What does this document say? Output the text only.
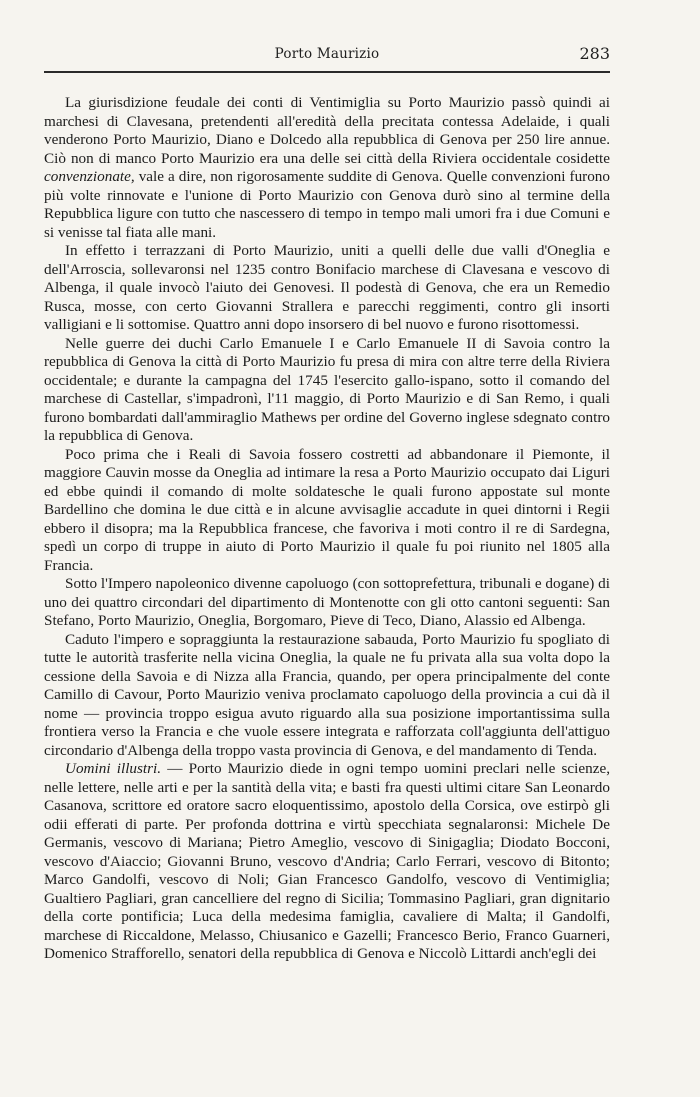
Porto Maurizio	283

La giurisdizione feudale dei conti di Ventimiglia su Porto Maurizio passò quindi ai marchesi di Clavesana, pretendenti all'eredità della precitata contessa Adelaide, i quali venderono Porto Maurizio, Diano e Dolcedo alla repubblica di Genova per 250 lire annue. Ciò non di manco Porto Maurizio era una delle sei città della Riviera occidentale cosidette convenzionate, vale a dire, non rigorosamente suddite di Genova. Quelle convenzioni furono più volte rinnovate e l'unione di Porto Maurizio con Genova durò sino al termine della Repubblica ligure con tutto che nascessero di tempo in tempo mali umori fra i due Comuni e si venisse tal fiata alle mani.

In effetto i terrazzani di Porto Maurizio, uniti a quelli delle due valli d'Oneglia e dell'Arroscia, sollevaronsi nel 1235 contro Bonifacio marchese di Clavesana e vescovo di Albenga, il quale invocò l'aiuto dei Genovesi. Il podestà di Genova, che era un Remedio Rusca, mosse, con certo Giovanni Strallera e parecchi reggimenti, contro gli insorti valligiani e li sottomise. Quattro anni dopo insorsero di bel nuovo e furono risottomessi.

Nelle guerre dei duchi Carlo Emanuele I e Carlo Emanuele II di Savoia contro la repubblica di Genova la città di Porto Maurizio fu presa di mira con altre terre della Riviera occidentale; e durante la campagna del 1745 l'esercito gallo-ispano, sotto il comando del marchese di Castellar, s'impadronì, l'11 maggio, di Porto Maurizio e di San Remo, i quali furono bombardati dall'ammiraglio Mathews per ordine del Governo inglese sdegnato contro la repubblica di Genova.

Poco prima che i Reali di Savoia fossero costretti ad abbandonare il Piemonte, il maggiore Cauvin mosse da Oneglia ad intimare la resa a Porto Maurizio occupato dai Liguri ed ebbe quindi il comando di molte soldatesche le quali furono appostate sul monte Bardellino che domina le due città e in alcune avvisaglie accadute in quei dintorni i Regii ebbero il disopra; ma la Repubblica francese, che favoriva i moti contro il re di Sardegna, spedì un corpo di truppe in aiuto di Porto Maurizio il quale fu poi riunito nel 1805 alla Francia.

Sotto l'Impero napoleonico divenne capoluogo (con sottoprefettura, tribunali e dogane) di uno dei quattro circondari del dipartimento di Montenotte con gli otto cantoni seguenti: San Stefano, Porto Maurizio, Oneglia, Borgomaro, Pieve di Teco, Diano, Alassio ed Albenga.

Caduto l'impero e sopraggiunta la restaurazione sabauda, Porto Maurizio fu spogliato di tutte le autorità trasferite nella vicina Oneglia, la quale ne fu privata alla sua volta dopo la cessione della Savoia e di Nizza alla Francia, quando, per opera principalmente del conte Camillo di Cavour, Porto Maurizio veniva proclamato capoluogo della provincia a cui dà il nome — provincia troppo esigua avuto riguardo alla sua posizione importantissima sulla frontiera verso la Francia e che vuole essere integrata e rafforzata coll'aggiunta dell'attiguo circondario d'Albenga della troppo vasta provincia di Genova, e del mandamento di Tenda.

Uomini illustri. — Porto Maurizio diede in ogni tempo uomini preclari nelle scienze, nelle lettere, nelle arti e per la santità della vita; e basti fra questi ultimi citare San Leonardo Casanova, scrittore ed oratore sacro eloquentissimo, apostolo della Corsica, ove estirpò gli odii efferati di parte. Per profonda dottrina e virtù specchiata segnalaronsi: Michele De Germanis, vescovo di Mariana; Pietro Ameglio, vescovo di Sinigaglia; Diodato Bocconi, vescovo d'Aiaccio; Giovanni Bruno, vescovo d'Andria; Carlo Ferrari, vescovo di Bitonto; Marco Gandolfi, vescovo di Noli; Gian Francesco Gandolfo, vescovo di Ventimiglia; Gualtiero Pagliari, gran cancelliere del regno di Sicilia; Tommasino Pagliari, gran dignitario della corte pontificia; Luca della medesima famiglia, cavaliere di Malta; il Gandolfi, marchese di Riccaldone, Melasso, Chiusanico e Gazelli; Francesco Berio, Franco Guarneri, Domenico Strafforello, senatori della repubblica di Genova e Niccolò Littardi anch'egli dei
